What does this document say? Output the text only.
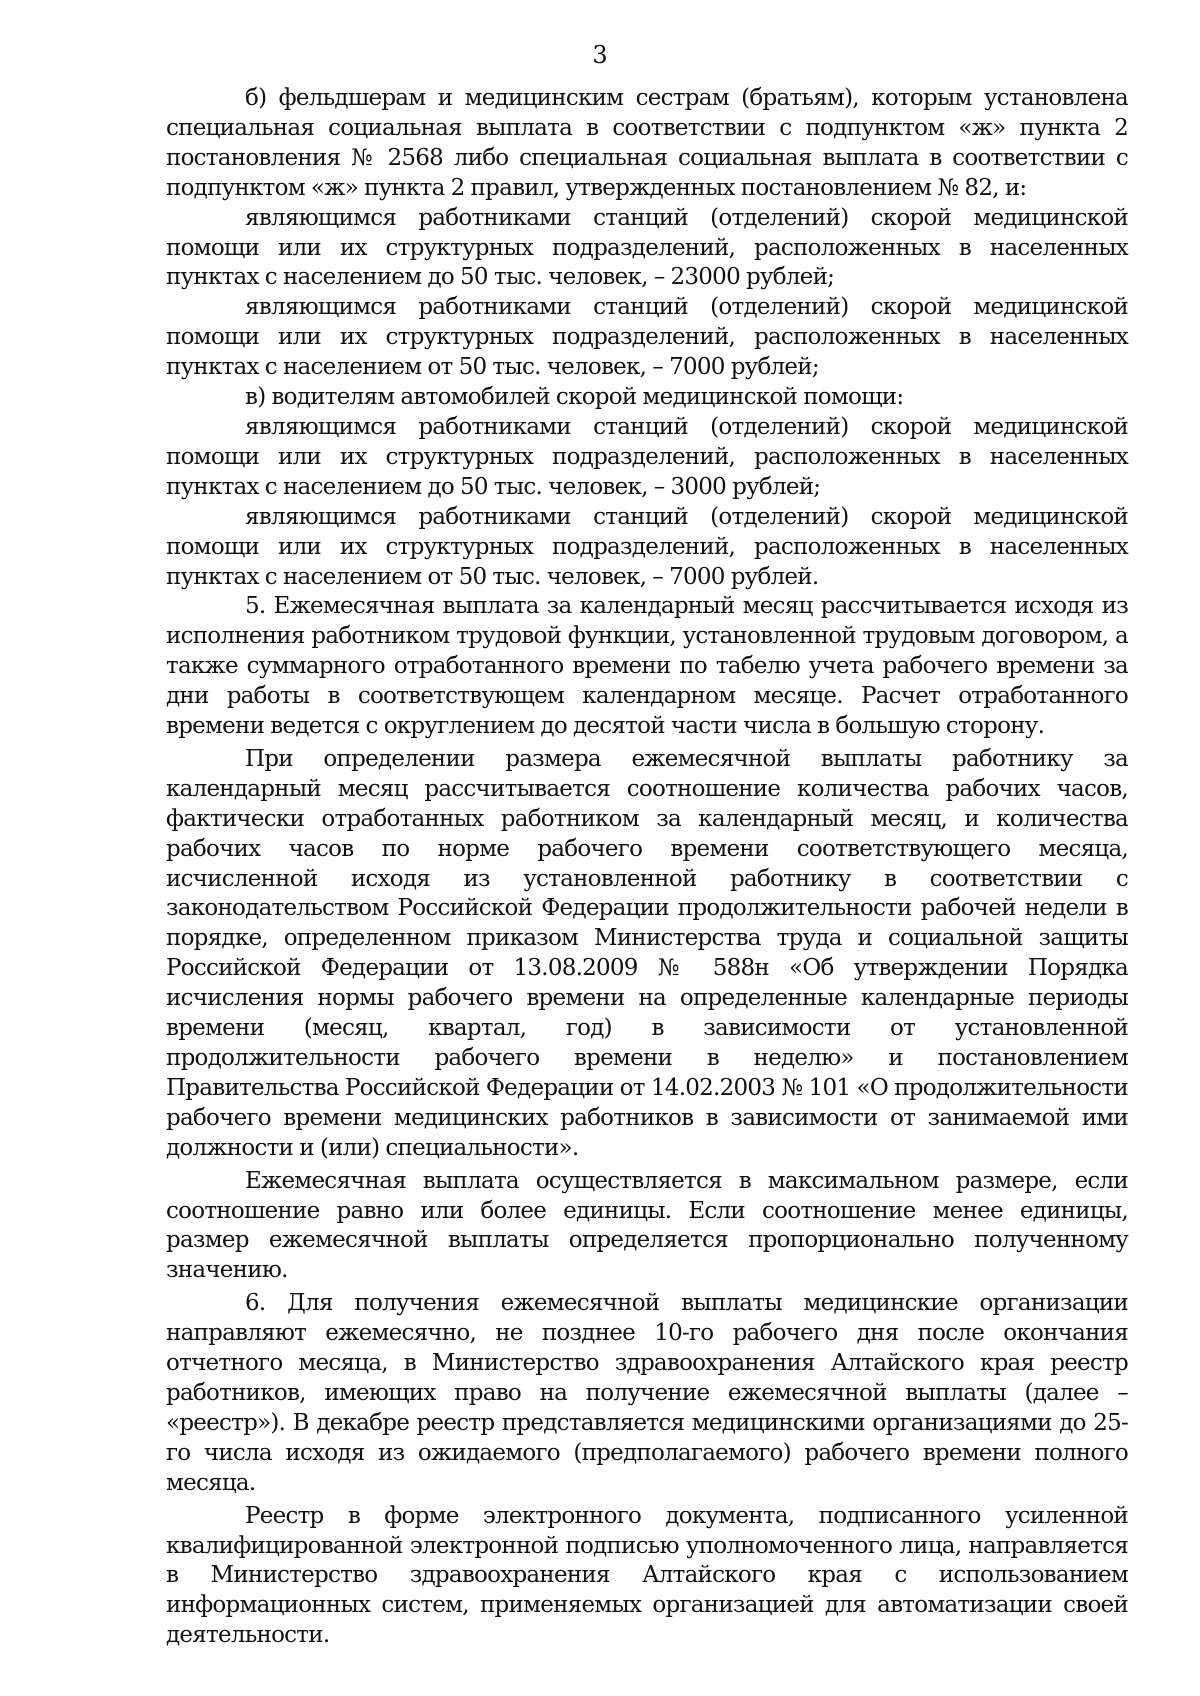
3

б) фельдшерам и медицинским сестрам (братьям), которым установлена специальная социальная выплата в соответствии с подпунктом «ж» пункта 2 постановления № 2568 либо специальная социальная выплата в соответствии с подпунктом «ж» пункта 2 правил, утвержденных постановлением № 82, и:

являющимся работниками станций (отделений) скорой медицинской помощи или их структурных подразделений, расположенных в населенных пунктах с населением до 50 тыс. человек, – 23000 рублей;

являющимся работниками станций (отделений) скорой медицинской помощи или их структурных подразделений, расположенных в населенных пунктах с населением от 50 тыс. человек, – 7000 рублей;

в) водителям автомобилей скорой медицинской помощи:

являющимся работниками станций (отделений) скорой медицинской помощи или их структурных подразделений, расположенных в населенных пунктах с населением до 50 тыс. человек, – 3000 рублей;

являющимся работниками станций (отделений) скорой медицинской помощи или их структурных подразделений, расположенных в населенных пунктах с населением от 50 тыс. человек, – 7000 рублей.

5. Ежемесячная выплата за календарный месяц рассчитывается исходя из исполнения работником трудовой функции, установленной трудовым договором, а также суммарного отработанного времени по табелю учета рабочего времени за дни работы в соответствующем календарном месяце. Расчет отработанного времени ведется с округлением до десятой части числа в большую сторону.

При определении размера ежемесячной выплаты работнику за календарный месяц рассчитывается соотношение количества рабочих часов, фактически отработанных работником за календарный месяц, и количества рабочих часов по норме рабочего времени соответствующего месяца, исчисленной исходя из установленной работнику в соответствии с законодательством Российской Федерации продолжительности рабочей недели в порядке, определенном приказом Министерства труда и социальной защиты Российской Федерации от 13.08.2009 № 588н «Об утверждении Порядка исчисления нормы рабочего времени на определенные календарные периоды времени (месяц, квартал, год) в зависимости от установленной продолжительности рабочего времени в неделю» и постановлением Правительства Российской Федерации от 14.02.2003 № 101 «О продолжительности рабочего времени медицинских работников в зависимости от занимаемой ими должности и (или) специальности».

Ежемесячная выплата осуществляется в максимальном размере, если соотношение равно или более единицы. Если соотношение менее единицы, размер ежемесячной выплаты определяется пропорционально полученному значению.

6. Для получения ежемесячной выплаты медицинские организации направляют ежемесячно, не позднее 10-го рабочего дня после окончания отчетного месяца, в Министерство здравоохранения Алтайского края реестр работников, имеющих право на получение ежемесячной выплаты (далее – «реестр»). В декабре реестр представляется медицинскими организациями до 25-го числа исходя из ожидаемого (предполагаемого) рабочего времени полного месяца.

Реестр в форме электронного документа, подписанного усиленной квалифицированной электронной подписью уполномоченного лица, направляется в Министерство здравоохранения Алтайского края с использованием информационных систем, применяемых организацией для автоматизации своей деятельности.
